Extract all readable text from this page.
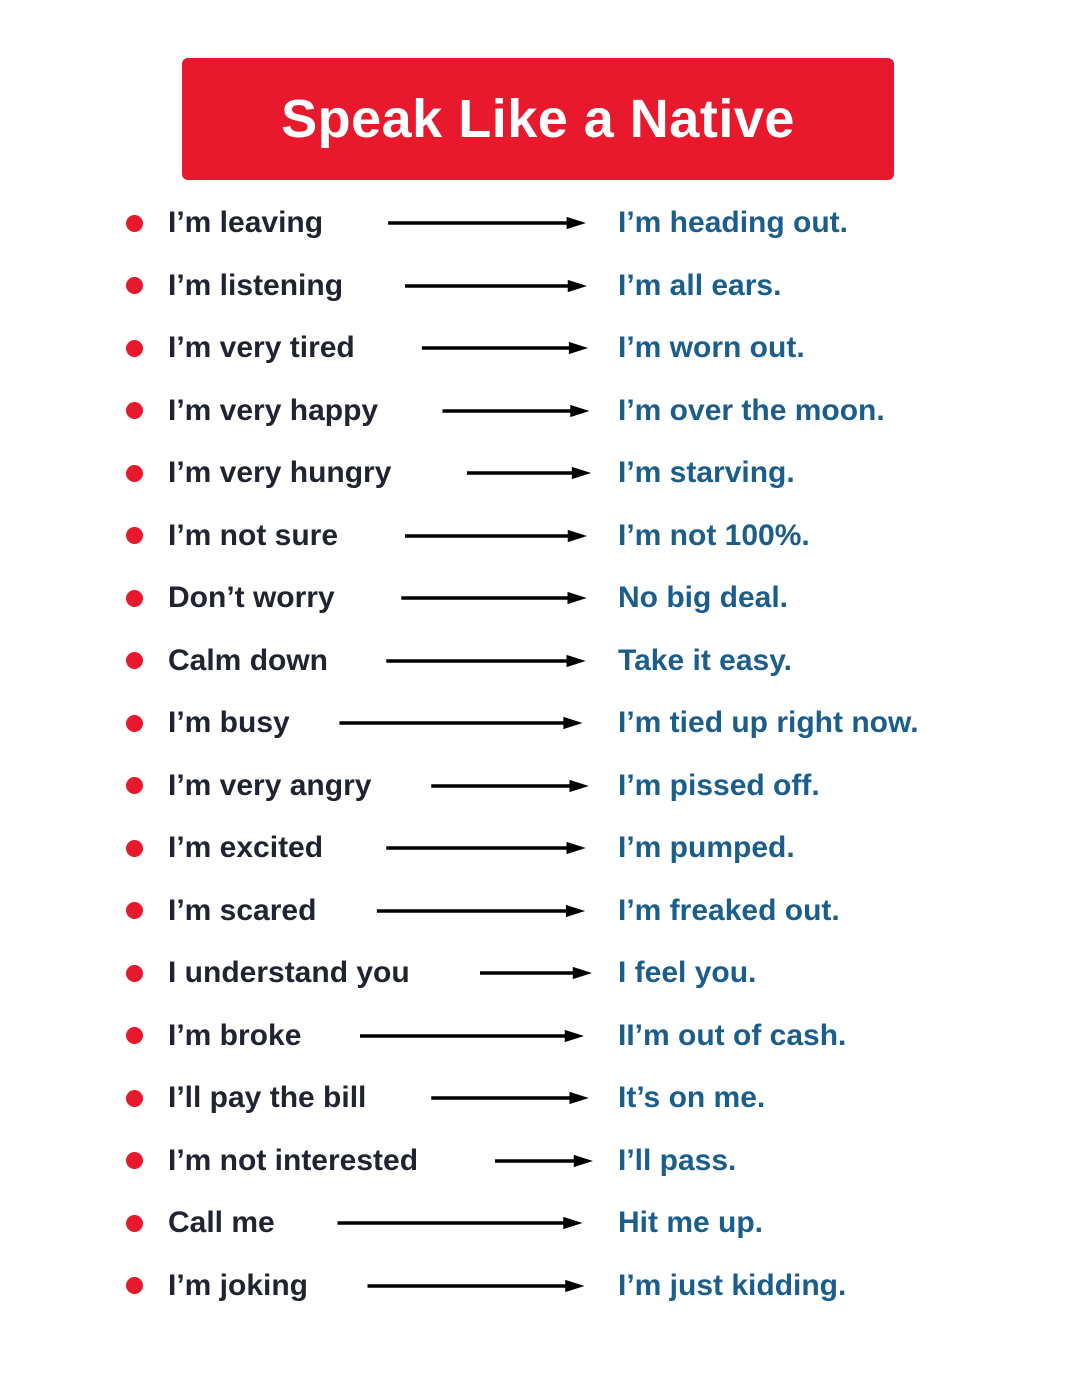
Speak Like a Native
I’m leaving	I’m heading out.
I’m listening	I’m all ears.
I’m very tired	I’m worn out.
I’m very happy	I’m over the moon.
I’m very hungry	I’m starving.
I’m not sure	I’m not 100%.
Don’t worry	No big deal.
Calm down	Take it easy.
I’m busy	I’m tied up right now.
I’m very angry	I’m pissed off.
I’m excited	I’m pumped.
I’m scared	I’m freaked out.
I understand you	I feel you.
I’m broke	II’m out of cash.
I’ll pay the bill	It’s on me.
I’m not interested	I’ll pass.
Call me	Hit me up.
I’m joking	I’m just kidding.
